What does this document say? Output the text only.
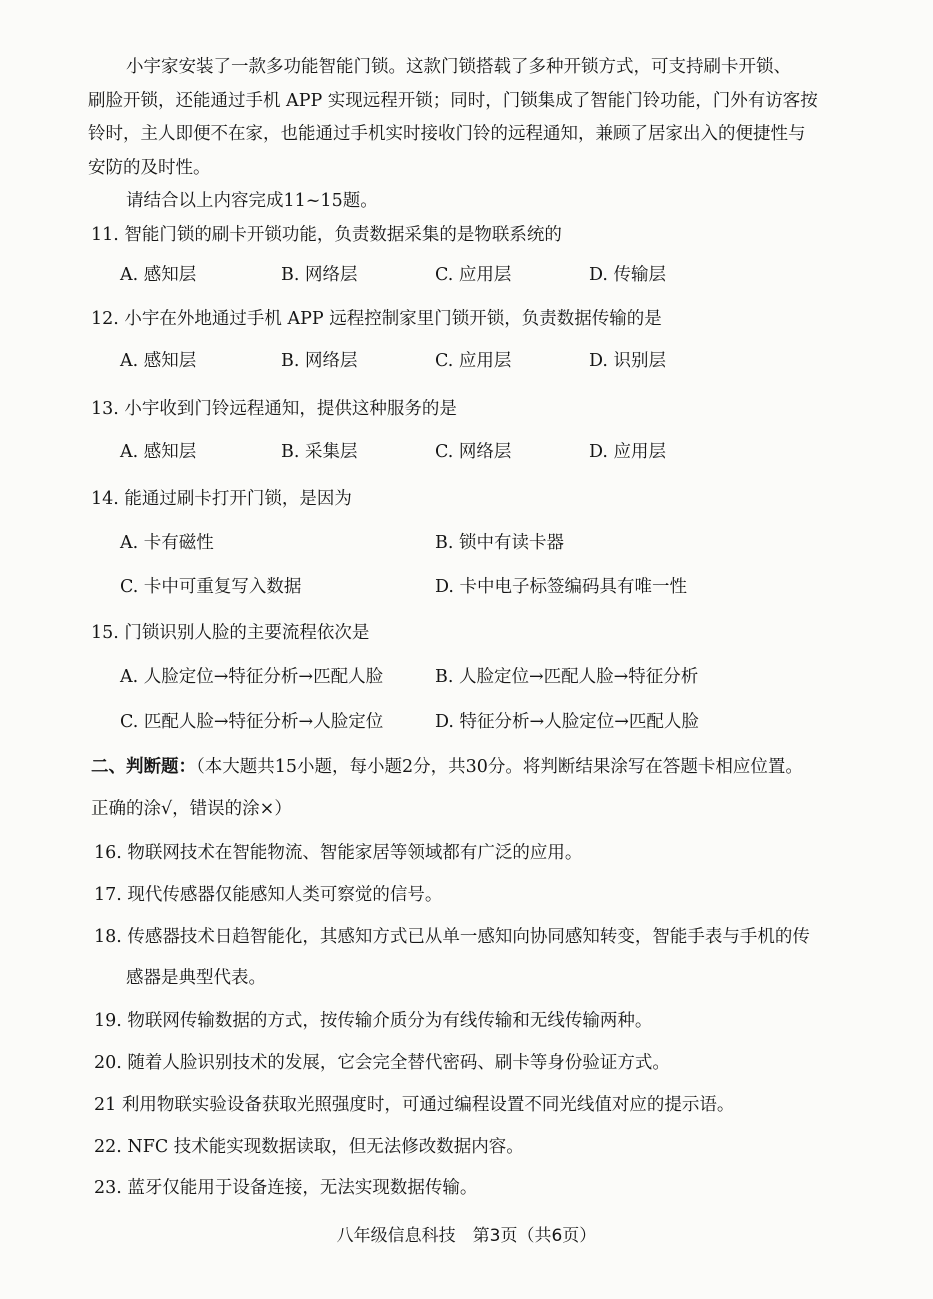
小宇家安装了一款多功能智能门锁。这款门锁搭载了多种开锁方式，可支持刷卡开锁、
刷脸开锁，还能通过手机 APP 实现远程开锁；同时，门锁集成了智能门铃功能，门外有访客按
铃时，主人即便不在家，也能通过手机实时接收门铃的远程通知，兼顾了居家出入的便捷性与
安防的及时性。
请结合以上内容完成11~15题。
11. 智能门锁的刷卡开锁功能，负责数据采集的是物联系统的
A. 感知层	B. 网络层	C. 应用层	D. 传输层
12. 小宇在外地通过手机 APP 远程控制家里门锁开锁，负责数据传输的是
A. 感知层	B. 网络层	C. 应用层	D. 识别层
13. 小宇收到门铃远程通知，提供这种服务的是
A. 感知层	B. 采集层	C. 网络层	D. 应用层
14. 能通过刷卡打开门锁，是因为
A. 卡有磁性	B. 锁中有读卡器
C. 卡中可重复写入数据	D. 卡中电子标签编码具有唯一性
15. 门锁识别人脸的主要流程依次是
A. 人脸定位→特征分析→匹配人脸	B. 人脸定位→匹配人脸→特征分析
C. 匹配人脸→特征分析→人脸定位	D. 特征分析→人脸定位→匹配人脸
二、判断题：（本大题共15小题，每小题2分，共30分。将判断结果涂写在答题卡相应位置。
正确的涂√，错误的涂×）
16. 物联网技术在智能物流、智能家居等领域都有广泛的应用。
17. 现代传感器仅能感知人类可察觉的信号。
18. 传感器技术日趋智能化，其感知方式已从单一感知向协同感知转变，智能手表与手机的传
感器是典型代表。
19. 物联网传输数据的方式，按传输介质分为有线传输和无线传输两种。
20. 随着人脸识别技术的发展，它会完全替代密码、刷卡等身份验证方式。
21 利用物联实验设备获取光照强度时，可通过编程设置不同光线值对应的提示语。
22. NFC 技术能实现数据读取，但无法修改数据内容。
23. 蓝牙仅能用于设备连接，无法实现数据传输。
八年级信息科技　第3页（共6页）
